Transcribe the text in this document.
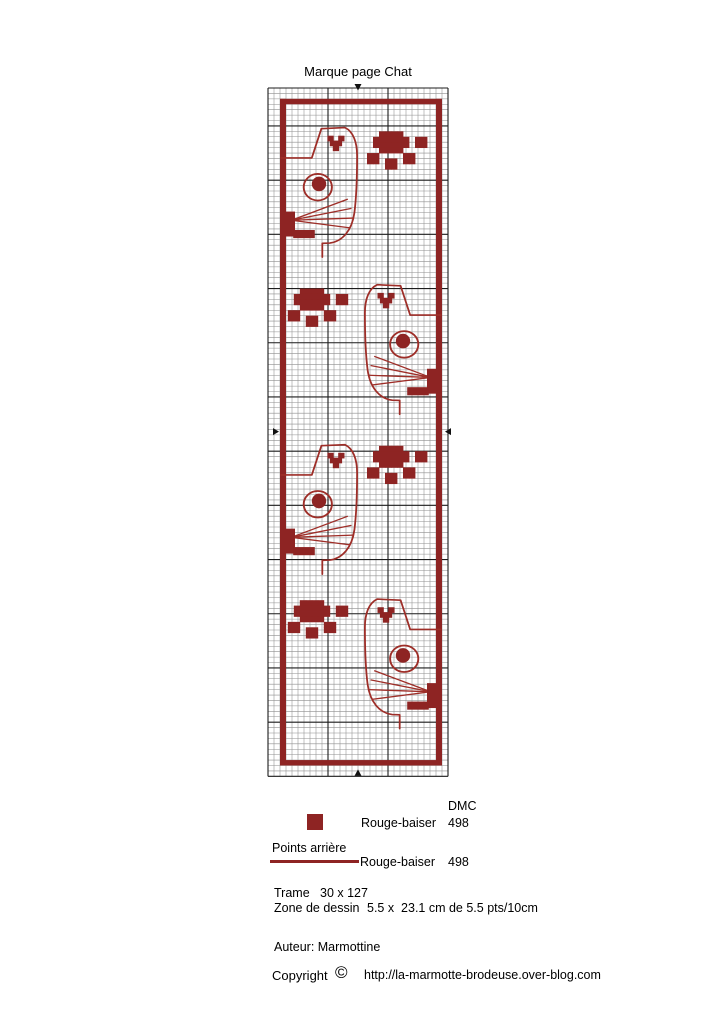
Marque page Chat
DMC
Rouge-baiser 498
Points arrière
Rouge-baiser 498
Trame 30 x 127
Zone de dessin 5.5 x  23.1 cm de 5.5 pts/10cm
Auteur: Marmottine
Copyright © http://la-marmotte-brodeuse.over-blog.com
